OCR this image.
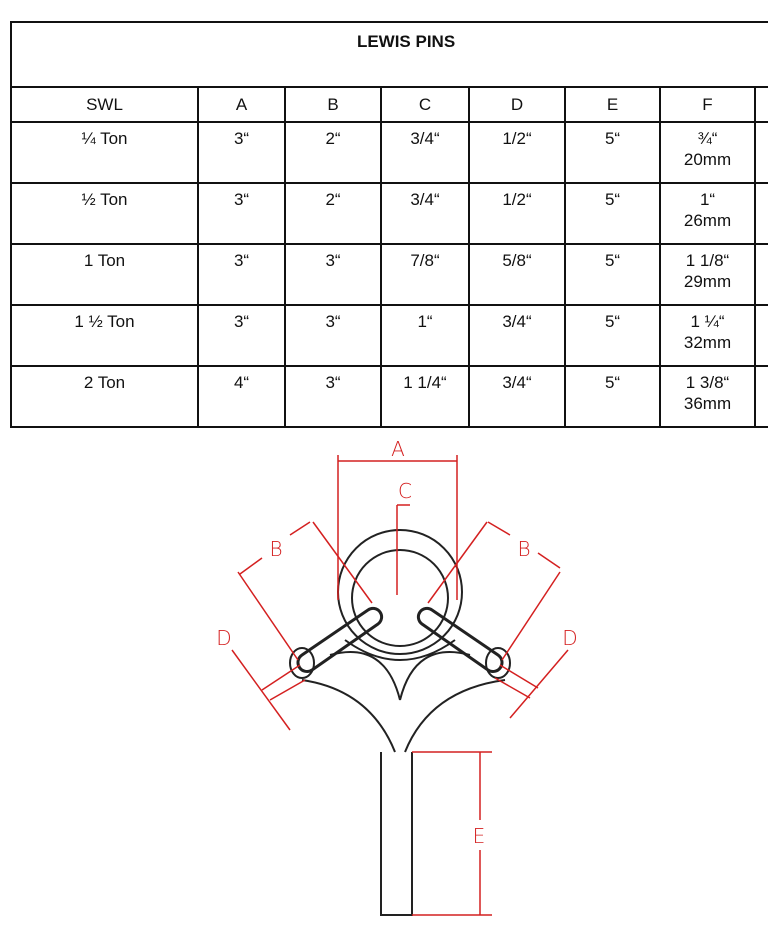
LEWIS PINS							
SWL	A	B	C	D	E	F	
¼ Ton	3“	2“	3/4“	1/2“	5“	¾“
20mm	

½ Ton	3“	2“	3/4“	1/2“	5“	1“
26mm	

1 Ton	3“	3“	7/8“	5/8“	5“	1 1/8“
29mm	

1 ½ Ton	3“	3“	1“	3/4“	5“	1 ¼“
32mm	

2 Ton	4“	3“	1 1/4“	3/4“	5“	1 3/8“
36mm	

A
C
B	B
D	D
E
